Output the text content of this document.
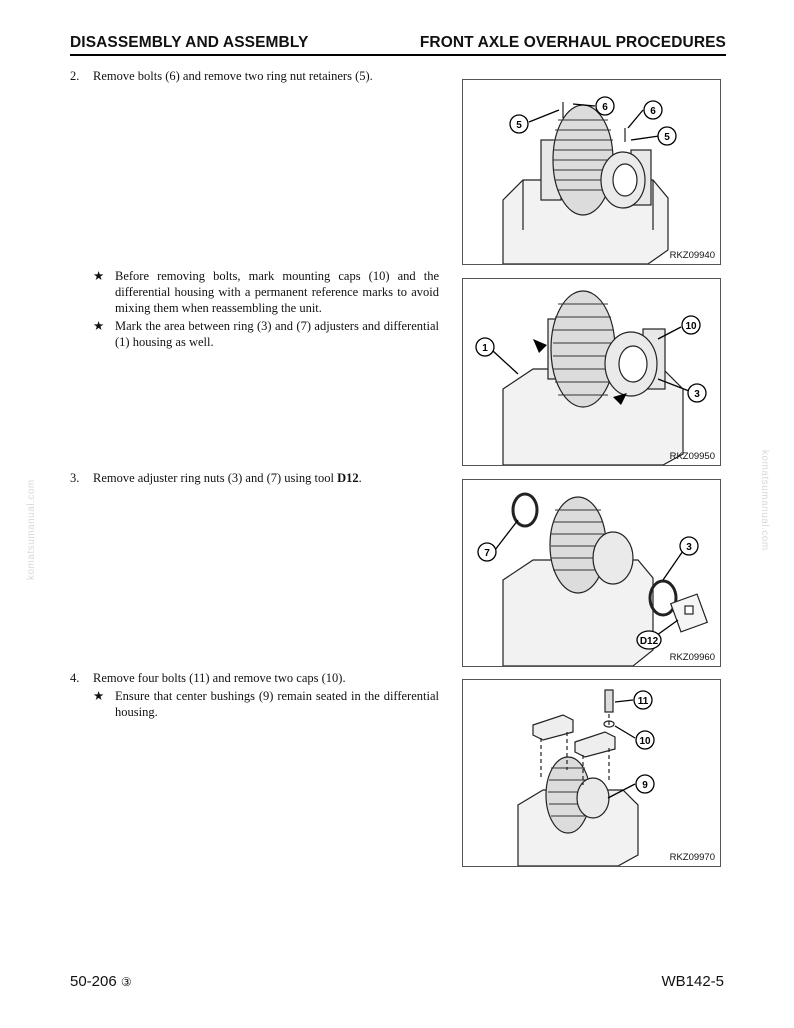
DISASSEMBLY AND ASSEMBLY	FRONT AXLE OVERHAUL PROCEDURES
komatsumanual.com	komatsumanual.com
2. Remove bolts (6) and remove two ring nut retainers (5).
★ Before removing bolts, mark mounting caps (10) and the differential housing with a permanent reference marks to avoid mixing them when reassembling the unit.
★ Mark the area between ring (3) and (7) adjusters and differential (1) housing as well.
3. Remove adjuster ring nuts (3) and (7) using tool D12.
4. Remove four bolts (11) and remove two caps (10).
★ Ensure that center bushings (9) remain seated in the differential housing.
5
6	6
5
RKZ09940
1
10
3
RKZ09950
7
3
D12
RKZ09960
11
10
9
RKZ09970
50-206 ③	WB142-5
